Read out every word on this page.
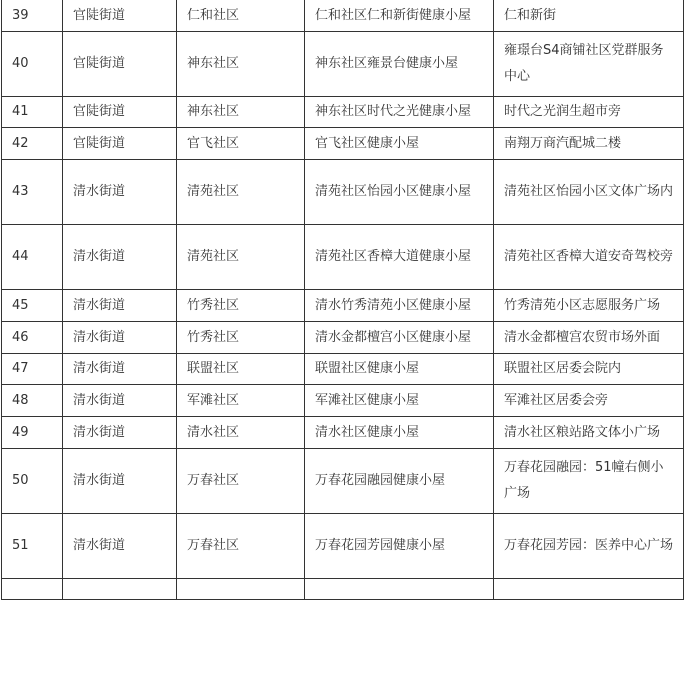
39	官陡街道	仁和社区	仁和社区仁和新街健康小屋	仁和新街
40	官陡街道	神东社区	神东社区雍景台健康小屋	雍璟台S4商铺社区党群服务中心
41	官陡街道	神东社区	神东社区时代之光健康小屋	时代之光润生超市旁
42	官陡街道	官飞社区	官飞社区健康小屋	南翔万商汽配城二楼
43	清水街道	清苑社区	清苑社区怡园小区健康小屋	清苑社区怡园小区文体广场内
44	清水街道	清苑社区	清苑社区香樟大道健康小屋	清苑社区香樟大道安奇驾校旁
45	清水街道	竹秀社区	清水竹秀清苑小区健康小屋	竹秀清苑小区志愿服务广场
46	清水街道	竹秀社区	清水金都檀宫小区健康小屋	清水金都檀宫农贸市场外面
47	清水街道	联盟社区	联盟社区健康小屋	联盟社区居委会院内
48	清水街道	军滩社区	军滩社区健康小屋	军滩社区居委会旁
49	清水街道	清水社区	清水社区健康小屋	清水社区粮站路文体小广场
50	清水街道	万春社区	万春花园融园健康小屋	万春花园融园：51幢右侧小广场
51	清水街道	万春社区	万春花园芳园健康小屋	万春花园芳园：医养中心广场
